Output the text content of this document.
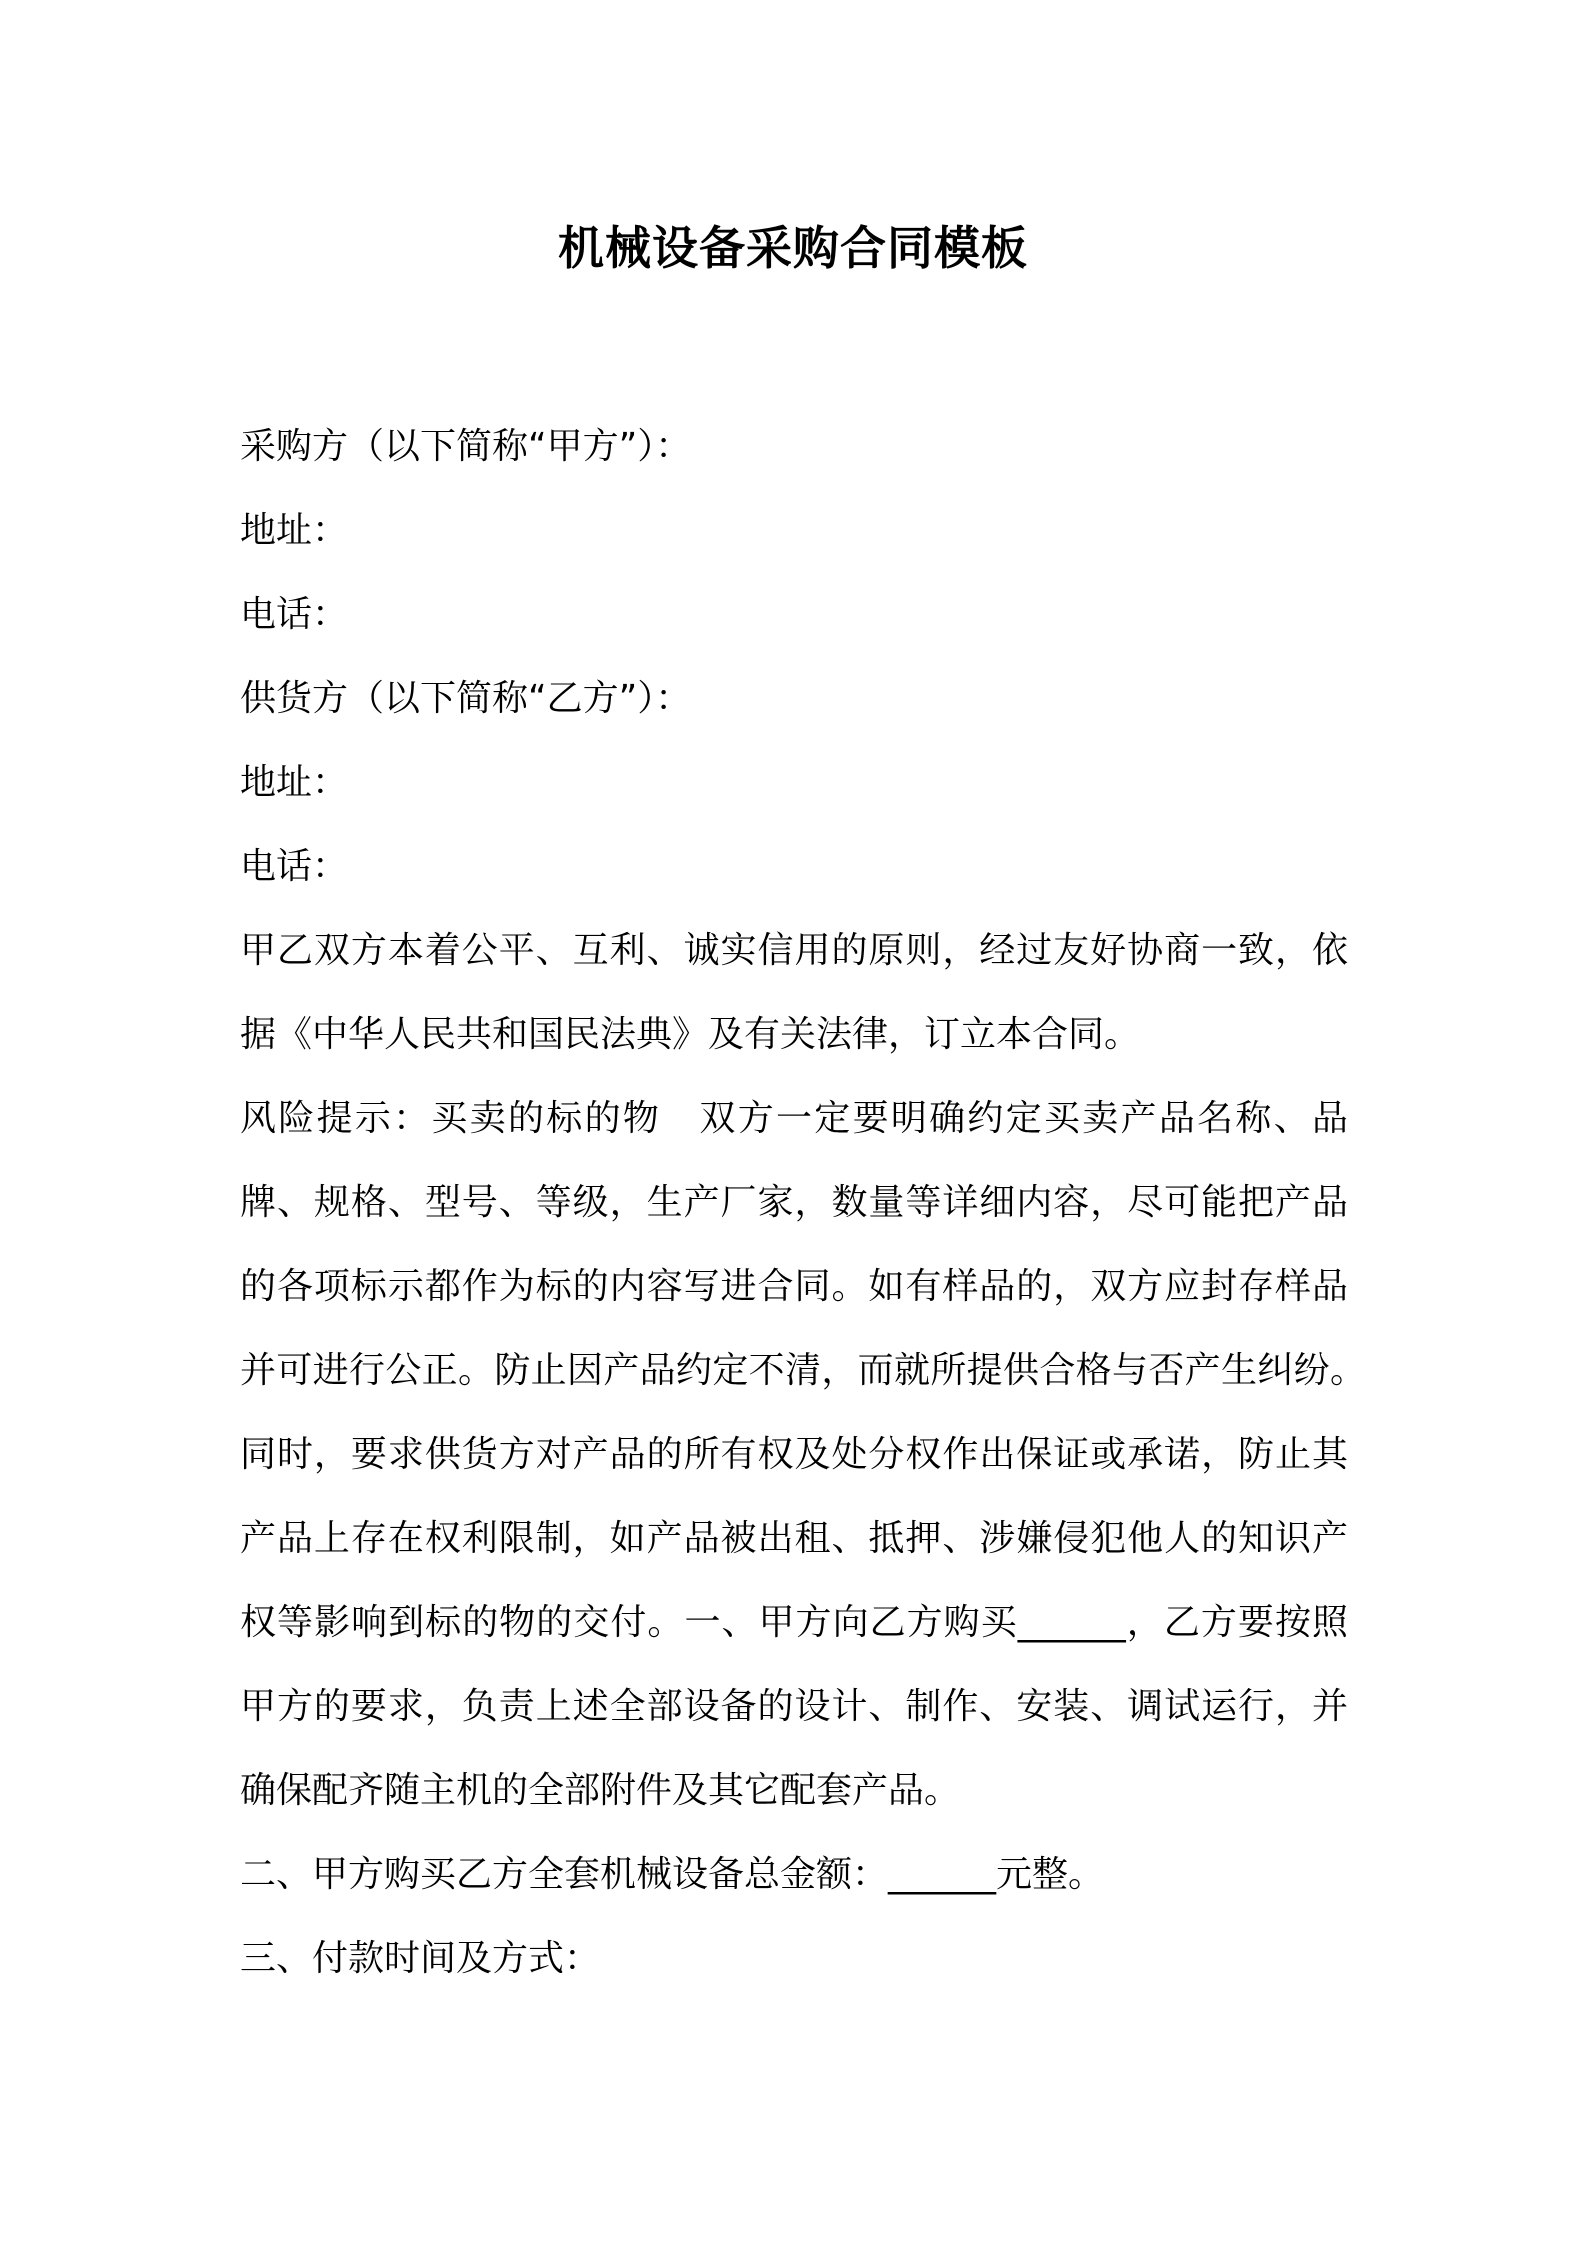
机械设备采购合同模板
采购方（以下简称“甲方”）：
地址：
电话：
供货方（以下简称“乙方”）：
地址：
电话：
甲乙双方本着公平、互利、诚实信用的原则，经过友好协商一致，依据《中华人民共和国民法典》及有关法律，订立本合同。
风险提示：买卖的标的物　双方一定要明确约定买卖产品名称、品牌、规格、型号、等级，生产厂家，数量等详细内容，尽可能把产品的各项标示都作为标的内容写进合同。如有样品的，双方应封存样品并可进行公正。防止因产品约定不清，而就所提供合格与否产生纠纷。　同时，要求供货方对产品的所有权及处分权作出保证或承诺，防止其产品上存在权利限制，如产品被出租、抵押、涉嫌侵犯他人的知识产权等影响到标的物的交付。一、甲方向乙方购买______，乙方要按照甲方的要求，负责上述全部设备的设计、制作、安装、调试运行，并确保配齐随主机的全部附件及其它配套产品。
二、甲方购买乙方全套机械设备总金额：______元整。
三、付款时间及方式：
